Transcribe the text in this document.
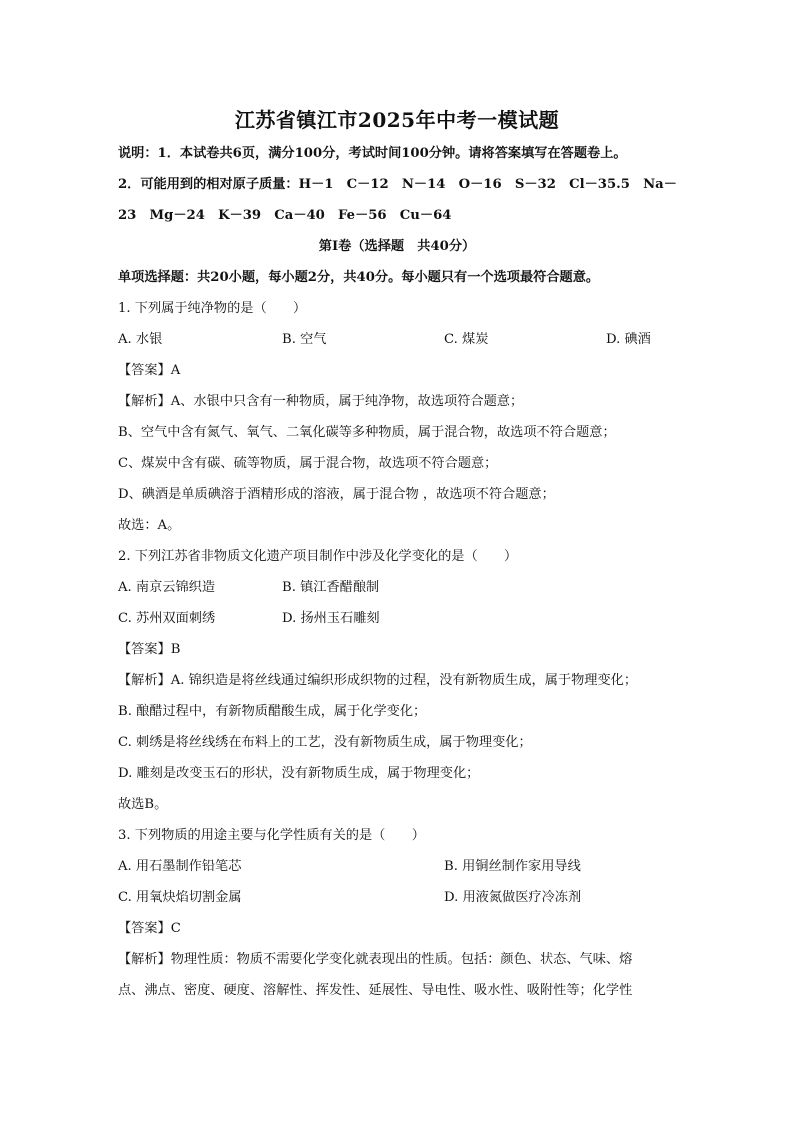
江苏省镇江市2025年中考一模试题
说明：1．本试卷共6页，满分100分，考试时间100分钟。请将答案填写在答题卷上。
2．可能用到的相对原子质量：H－1　C－12　N－14　O－16　S－32　Cl－35.5　Na－
23　Mg－24　K－39　Ca－40　Fe－56　Cu－64
第I卷（选择题　共40分）
单项选择题：共20小题，每小题2分，共40分。每小题只有一个选项最符合题意。
1. 下列属于纯净物的是（　　）
A. 水银	B. 空气	C. 煤炭	D. 碘酒
【答案】A
【解析】A、水银中只含有一种物质，属于纯净物，故选项符合题意；
B、空气中含有氮气、氧气、二氧化碳等多种物质，属于混合物，故选项不符合题意；
C、煤炭中含有碳、硫等物质，属于混合物，故选项不符合题意；
D、碘酒是单质碘溶于酒精形成的溶液，属于混合物 ，故选项不符合题意；
故选：A。
2. 下列江苏省非物质文化遗产项目制作中涉及化学变化的是（　　）
A. 南京云锦织造	B. 镇江香醋酿制
C. 苏州双面刺绣	D. 扬州玉石雕刻
【答案】B
【解析】A. 锦织造是将丝线通过编织形成织物的过程，没有新物质生成，属于物理变化；
B. 酿醋过程中，有新物质醋酸生成，属于化学变化；
C. 刺绣是将丝线绣在布料上的工艺，没有新物质生成，属于物理变化；
D. 雕刻是改变玉石的形状，没有新物质生成，属于物理变化；
故选B。
3. 下列物质的用途主要与化学性质有关的是（　　）
A. 用石墨制作铅笔芯	B. 用铜丝制作家用导线
C. 用氧炔焰切割金属	D. 用液氮做医疗冷冻剂
【答案】C
【解析】物理性质：物质不需要化学变化就表现出的性质。包括：颜色、状态、气味、熔
点、沸点、密度、硬度、溶解性、挥发性、延展性、导电性、吸水性、吸附性等；化学性
